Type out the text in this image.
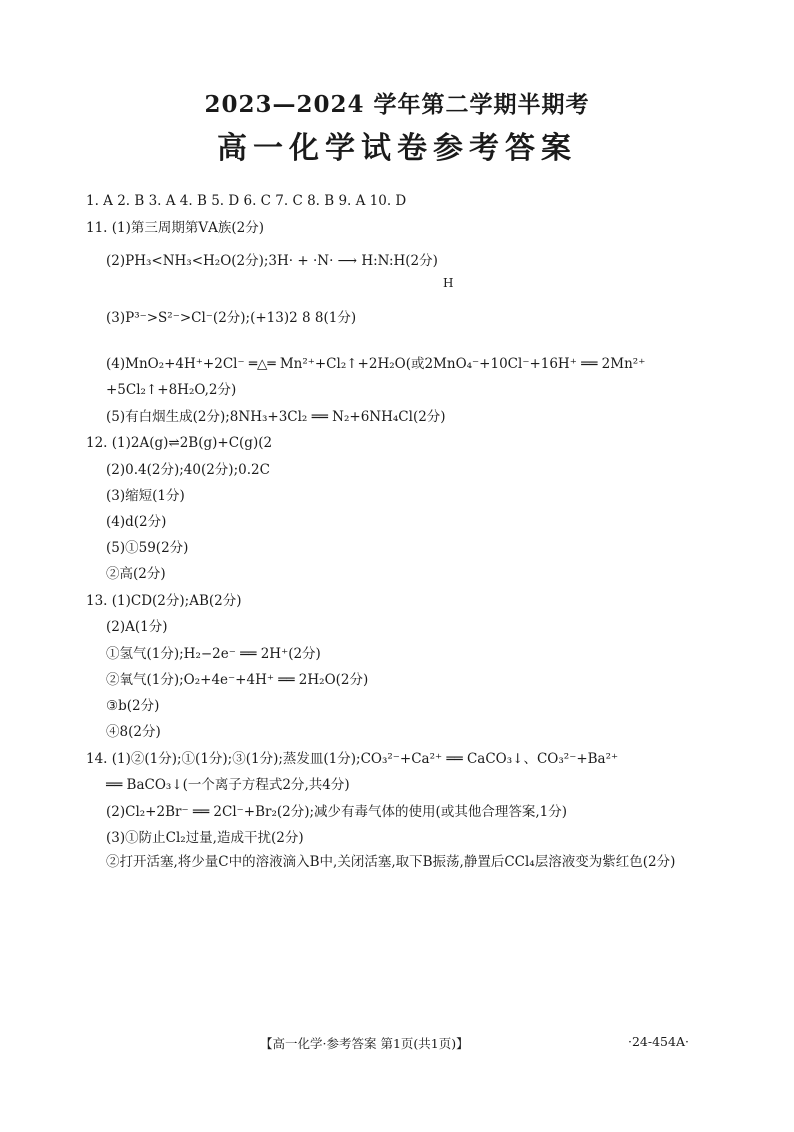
2023—2024 学年第二学期半期考
高一化学试卷参考答案
1. A 2. B 3. A 4. B 5. D 6. C 7. C 8. B 9. A 10. D
11. (1)第三周期第ⅤA族(2分)
(2)PH₃<NH₃<H₂O(2分);3H· + ·N· ⟶ H:N:H(2分)
H
(3)P³⁻>S²⁻>Cl⁻(2分);(+13)2 8 8(1分)
(4)MnO₂+4H⁺+2Cl⁻ ═△═ Mn²⁺+Cl₂↑+2H₂O(或2MnO₄⁻+10Cl⁻+16H⁺ ══ 2Mn²⁺
+5Cl₂↑+8H₂O,2分)
(5)有白烟生成(2分);8NH₃+3Cl₂ ══ N₂+6NH₄Cl(2分)
12. (1)2A(g)⇌2B(g)+C(g)(2
(2)0.4(2分);40(2分);0.2C
(3)缩短(1分)
(4)d(2分)
(5)①59(2分)
②高(2分)
13. (1)CD(2分);AB(2分)
(2)A(1分)
①氢气(1分);H₂−2e⁻ ══ 2H⁺(2分)
②氧气(1分);O₂+4e⁻+4H⁺ ══ 2H₂O(2分)
③b(2分)
④8(2分)
14. (1)②(1分);①(1分);③(1分);蒸发皿(1分);CO₃²⁻+Ca²⁺ ══ CaCO₃↓、CO₃²⁻+Ba²⁺
══ BaCO₃↓(一个离子方程式2分,共4分)
(2)Cl₂+2Br⁻ ══ 2Cl⁻+Br₂(2分);减少有毒气体的使用(或其他合理答案,1分)
(3)①防止Cl₂过量,造成干扰(2分)
②打开活塞,将少量C中的溶液滴入B中,关闭活塞,取下B振荡,静置后CCl₄层溶液变为紫红色(2分)
【高一化学·参考答案 第1页(共1页)】	·24-454A·
